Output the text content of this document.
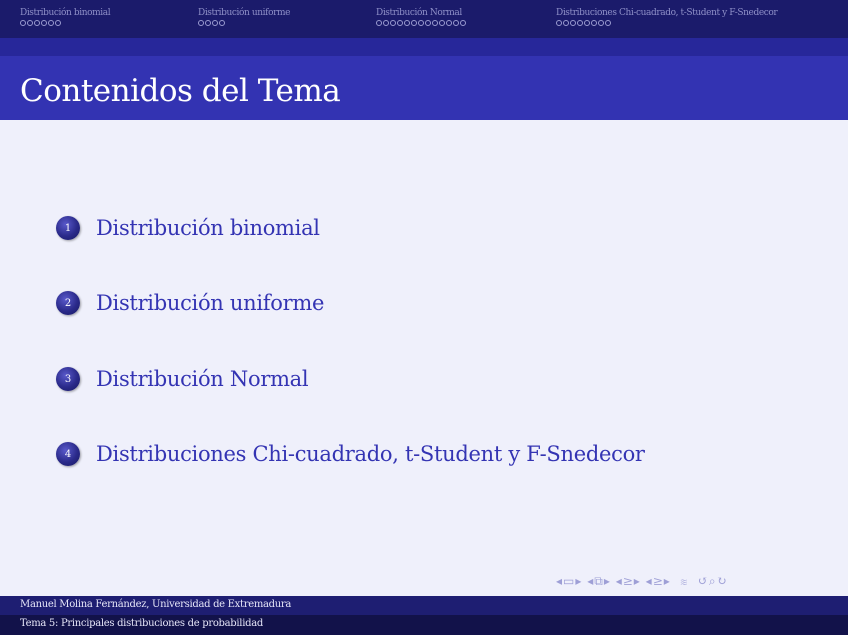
Distribución binomial	Distribución uniforme	Distribución Normal	Distribuciones Chi-cuadrado, t-Student y F-Snedecor
Contenidos del Tema
1	Distribución binomial
2	Distribución uniforme
3	Distribución Normal
4	Distribuciones Chi-cuadrado, t-Student y F-Snedecor
◂▭▸ ◂⧉▸ ◂≥▸ ◂≥▸ ≋ ↺⌕↻
Manuel Molina Fernández, Universidad de Extremadura
Tema 5: Principales distribuciones de probabilidad
